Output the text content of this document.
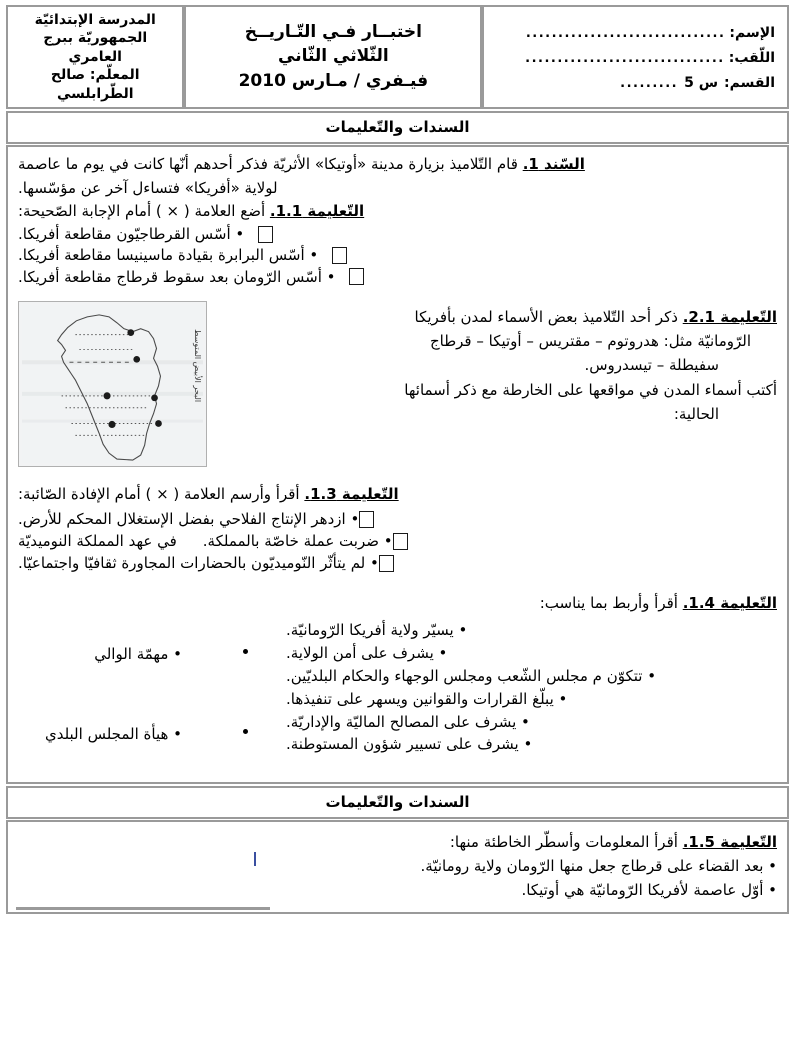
الإسم:
...............................
اللّقب:
...............................
القسم:
س 5
.........

اختبــار فـي التّـاريــخ
الثّلاثي الثّاني
فيـفري / مـارس 2010

المدرسة الإبتدائيّة
الجمهوريّة ببرج
العامري
المعلّم: صالح
الطّرابلسي
السندات والتّعليمات

السّند 1. قام التّلاميذ بزيارة مدينة «أوتيكا» الأثريّة فذكر أحدهم أنّها كانت في يوم ما عاصمة

لولاية «أفريكا» فتساءل آخر عن مؤسّسها.

التّعليمة 1.1. أضع العلامة ( × ) أمام الإجابة الصّحيحة:

• أسّس القرطاجيّون مقاطعة أفريكا.
• أسّس البرابرة بقيادة ماسينيسا مقاطعة أفريكا.
• أسّس الرّومان بعد سقوط قرطاج مقاطعة أفريكا.
التّعليمة 2.1. ذكر أحد التّلاميذ بعض الأسماء لمدن بأفريكا
الرّومانيّة مثل: هدروتوم – مقتريس – أوتيكا – قرطاج
سفيطلة – تيسدروس.
أكتب أسماء المدن في مواقعها على الخارطة مع ذكر أسمائها
الحالية:
البحر الأبيض المتوسط

التّعليمة 1.3. أقرأ وأرسم العلامة ( × ) أمام الإفادة الصّائبة:

• ازدهر الإنتاج الفلاحي بفضل الإستغلال المحكم للأرض.
• ضربت عملة خاصّة بالمملكة.
في عهد المملكة النوميديّة
• لم يتأثّر النّوميديّون بالحضارات المجاورة ثقافيّا واجتماعيّا.

التّعليمة 1.4. أقرأ وأربط بما يناسب:

• يسيّر ولاية أفريكا الرّومانيّة.
• يشرف على أمن الولاية.
• تتكوّن م مجلس الشّعب ومجلس الوجهاء والحكام البلديّين.
• يبلّغ القرارات والقوانين ويسهر على تنفيذها.
• يشرف على المصالح الماليّة والإداريّة.
• يشرف على تسيير شؤون المستوطنة.
• مهمّة الوالي
• هيأة المجلس البلدي
السندات والتّعليمات
التّعليمة 1.5. أقرأ المعلومات وأسطّر الخاطئة منها:
• بعد القضاء على قرطاج جعل منها الرّومان ولاية رومانيّة.
• أوّل عاصمة لأفريكا الرّومانيّة هي أوتيكا.
